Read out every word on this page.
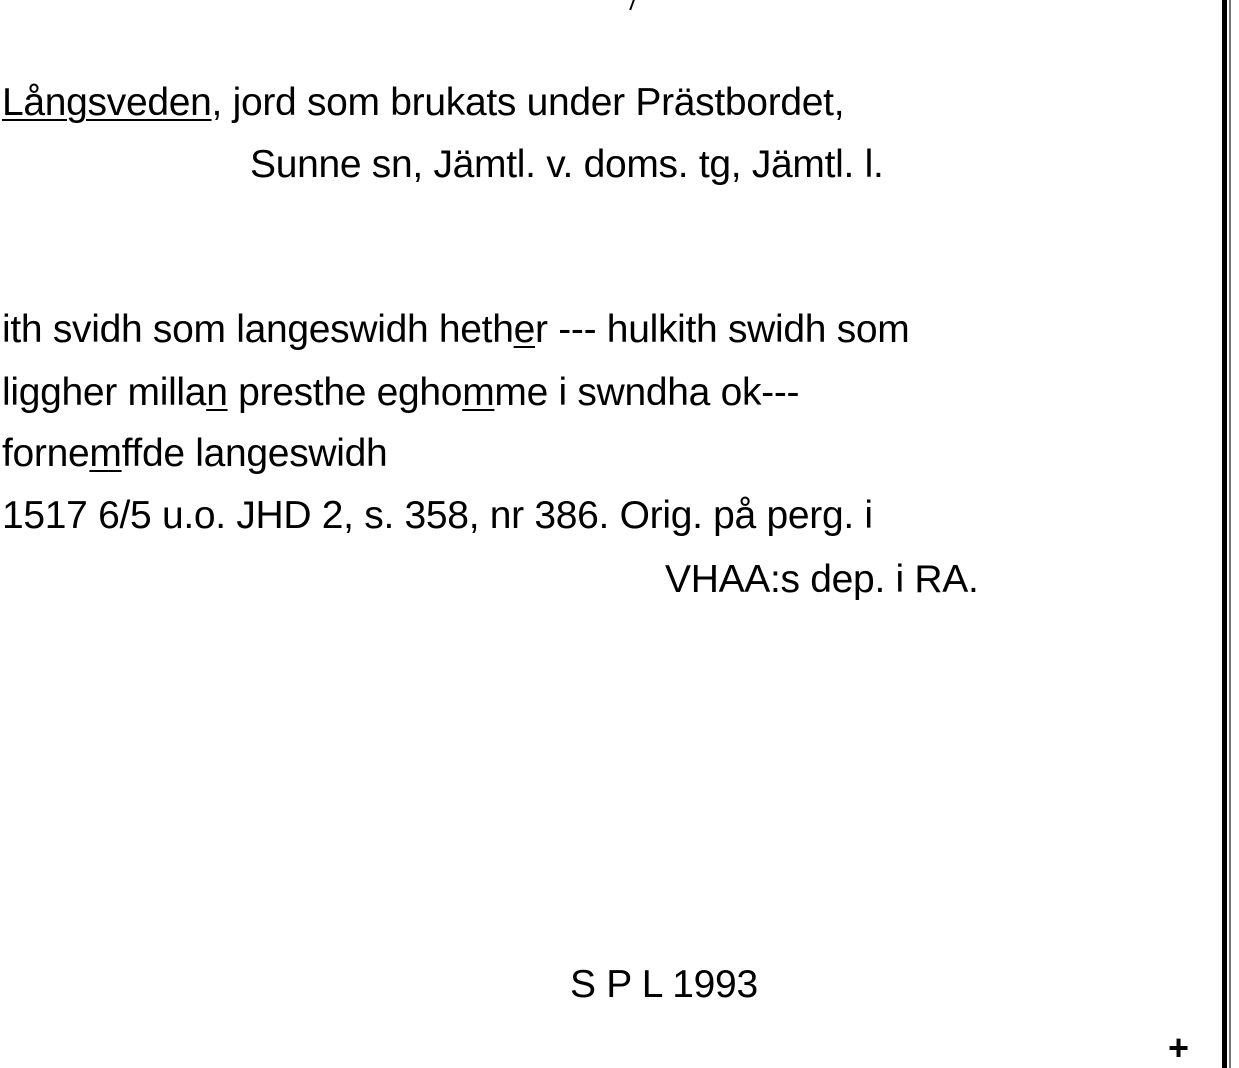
Långsveden, jord som brukats under Prästbordet,
Sunne sn, Jämtl. v. doms. tg, Jämtl. l.
ith svidh som langeswidh hether --- hulkith swidh som
liggher millan presthe eghomme i swndha ok---
fornemffde langeswidh
1517 6/5 u.o. JHD 2, s. 358, nr 386. Orig. på perg. i
VHAA:s dep. i RA.
S P L 1993
+
